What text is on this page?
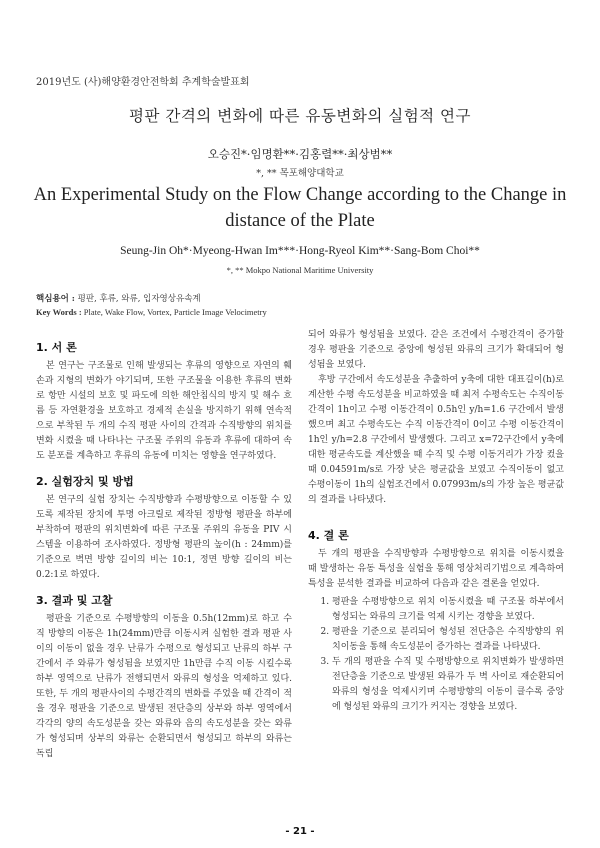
2019년도 (사)해양환경안전학회 추계학술발표회
평판 간격의 변화에 따른 유동변화의 실험적 연구
오승진*·임명환**·김홍렬**·최상범**
*, ** 목포해양대학교
An Experimental Study on the Flow Change according to the Change in distance of the Plate
Seung-Jin Oh*·Myeong-Hwan Im***·Hong-Ryeol Kim**·Sang-Bom Choi**
*, ** Mokpo National Maritime University
핵심용어 : 평판, 후류, 와류, 입자영상유속계
Key Words : Plate, Wake Flow, Vortex, Particle Image Velocimetry
1. 서 론

본 연구는 구조물로 인해 발생되는 후류의 영향으로 자연의 훼손과 지형의 변화가 야기되며, 또한 구조물을 이용한 후류의 변화로 항만 시설의 보호 및 파도에 의한 해안침식의 방지 및 해수 흐름 등 자연환경을 보호하고 경제적 손실을 방지하기 위해 연속적으로 부착된 두 개의 수직 평판 사이의 간격과 수직방향의 위치를 변화 시켰을 때 나타나는 구조물 주위의 유동과 후류에 대하여 속도 분포를 계측하고 후류의 유동에 미치는 영향을 연구하였다.

2. 실험장치 및 방법

본 연구의 실험 장치는 수직방향과 수평방향으로 이동할 수 있도록 제작된 장치에 투명 아크릴로 제작된 정방형 평판을 하부에 부착하여 평판의 위치변화에 따른 구조물 주위의 유동을 PIV 시스템을 이용하여 조사하였다. 정방형 평판의 높이(h : 24mm)를 기준으로 벽면 방향 길이의 비는 10:1, 정면 방향 길이의 비는 0.2:1로 하였다.

3. 결과 및 고찰

평판을 기준으로 수평방향의 이동을 0.5h(12mm)로 하고 수직 방향의 이동은 1h(24mm)만큼 이동시켜 실험한 결과 평판 사이의 이동이 없을 경우 난류가 수평으로 형성되고 난류의 하부 구간에서 주 와류가 형성됨을 보였지만 1h만큼 수직 이동 시킬수록 하부 영역으로 난류가 전행되면서 와류의 형성을 억제하고 있다. 또한, 두 개의 평판사이의 수평간격의 변화를 주었을 때 간격이 적을 경우 평판을 기준으로 발생된 전단층의 상부와 하부 영역에서 각각의 양의 속도성분을 갖는 와류와 음의 속도성분을 갖는 와류가 형성되며 상부의 와류는 순환되면서 형성되고 하부의 와류는 독립

되어 와류가 형성됨을 보였다. 같은 조건에서 수평간격이 증가할 경우 평판을 기준으로 중앙에 형성된 와류의 크기가 확대되어 형성됨을 보였다.

후방 구간에서 속도성분을 추출하여 y축에 대한 대표길이(h)로 계산한 수평 속도성분을 비교하였을 때 최저 수평속도는 수직이동 간격이 1h이고 수평 이동간격이 0.5h인 y/h=1.6 구간에서 발생했으며 최고 수평속도는 수직 이동간격이 0이고 수평 이동간격이 1h인 y/h=2.8 구간에서 발생했다. 그리고 x=72구간에서 y축에 대한 평균속도를 계산했을 때 수직 및 수평 이동거리가 가장 컸을 때 0.04591m/s로 가장 낮은 평균값을 보였고 수직이동이 없고 수평이동이 1h의 실험조건에서 0.07993m/s의 가장 높은 평균값의 결과를 나타냈다.

4. 결 론

두 개의 평판을 수직방향과 수평방향으로 위치를 이동시켰을 때 발생하는 유동 특성을 실험을 통해 영상처리기법으로 계측하여 특성을 분석한 결과를 비교하여 다음과 같은 결론을 얻었다.

1. 평판을 수평방향으로 위치 이동시켰을 때 구조물 하부에서 형성되는 와류의 크기를 억제 시키는 경향을 보였다.
2. 평판을 기준으로 분리되어 형성된 전단층은 수직방향의 위치이동을 통해 속도성분이 증가하는 결과를 나타냈다.
3. 두 개의 평판을 수직 및 수평방향으로 위치변화가 발생하면 전단층을 기준으로 발생된 와류가 두 벽 사이로 재순환되어 와류의 형성을 억제시키며 수평방향의 이동이 클수록 중앙에 형성된 와류의 크기가 커지는 경향을 보였다.
- 21 -
